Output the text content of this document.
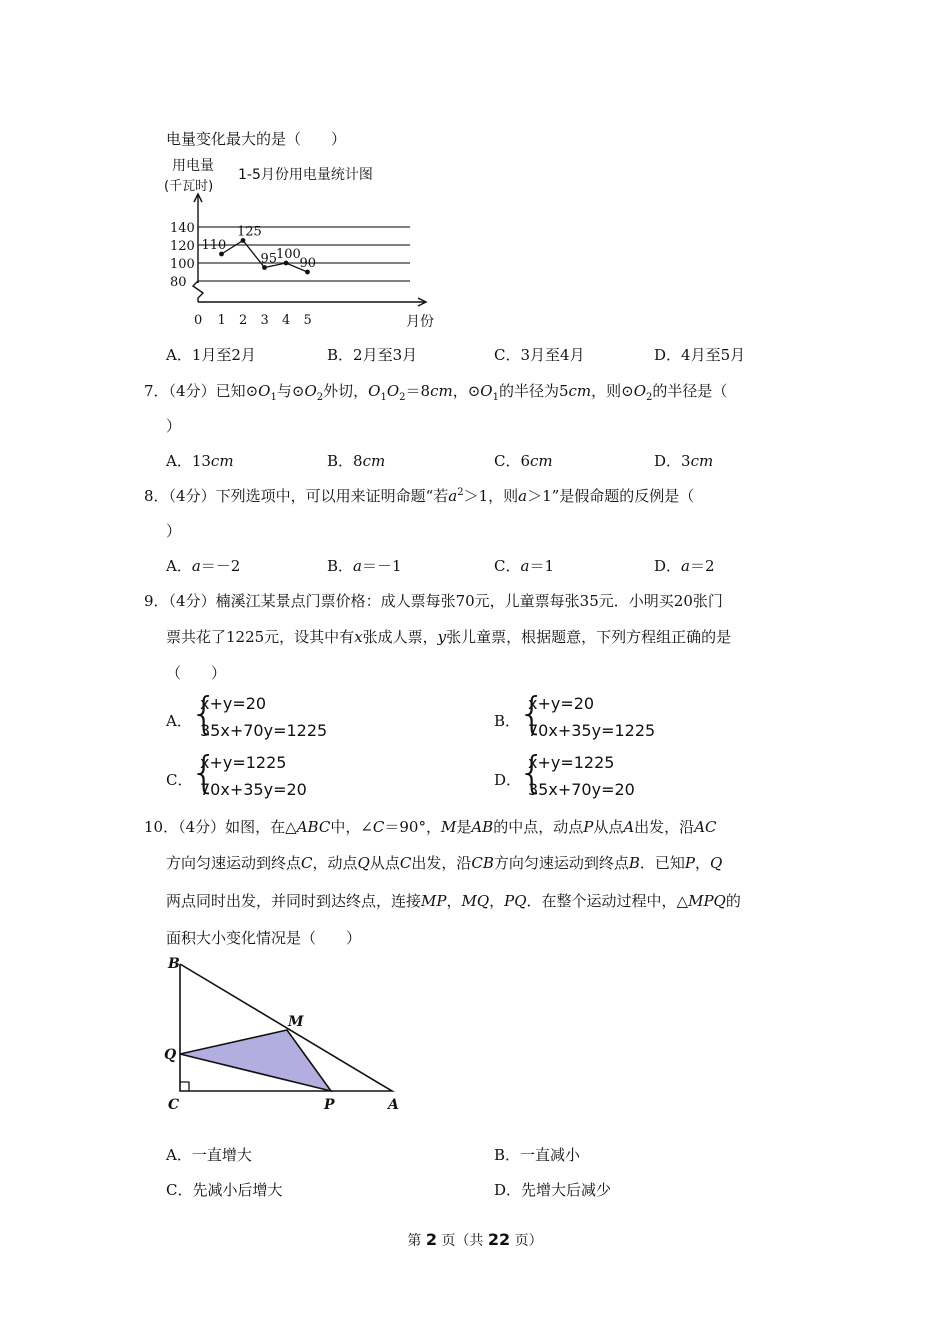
电量变化最大的是（　　）
用电量
(千瓦时)
1-5月份用电量统计图
140
120
100
80
0 1 2 3 4 5	月份
110
125
95
100
90
A．1月至2月	B．2月至3月	C．3月至4月	D．4月至5月
7．（4分）已知$⊙O_1$与$⊙O_2$外切，$O_1O_2=8cm$，$⊙O_1$的半径为5cm，则$⊙O_2$的半径是（
）
A．13cm	B．8cm	C．6cm	D．3cm
8．（4分）下列选项中，可以用来证明命题“若$a^2>1$，则a＞1”是假命题的反例是（
）
A．a＝－2	B．a＝－1	C．a＝1	D．a＝2
9．（4分）楠溪江某景点门票价格：成人票每张70元，儿童票每张35元．小明买20张门
票共花了1225元，设其中有x张成人票，y张儿童票，根据题意，下列方程组正确的是
（　　）
A．
{
x+y=20
35x+70y=1225	B．
{
x+y=20
70x+35y=1225
C．
{
x+y=1225
70x+35y=20	D．
{
x+y=1225
35x+70y=20
10．（4分）如图，在△ABC中，∠C＝90°，M是AB的中点，动点P从点A出发，沿AC
方向匀速运动到终点C，动点Q从点C出发，沿CB方向匀速运动到终点B．已知P，Q
两点同时出发，并同时到达终点，连接MP，MQ，PQ．在整个运动过程中，△MPQ的
面积大小变化情况是（　　）
B
M
Q
C	P	A
A．一直增大	B．一直减小
C．先减小后增大	D．先增大后减少
第 2 页（共 22 页）
